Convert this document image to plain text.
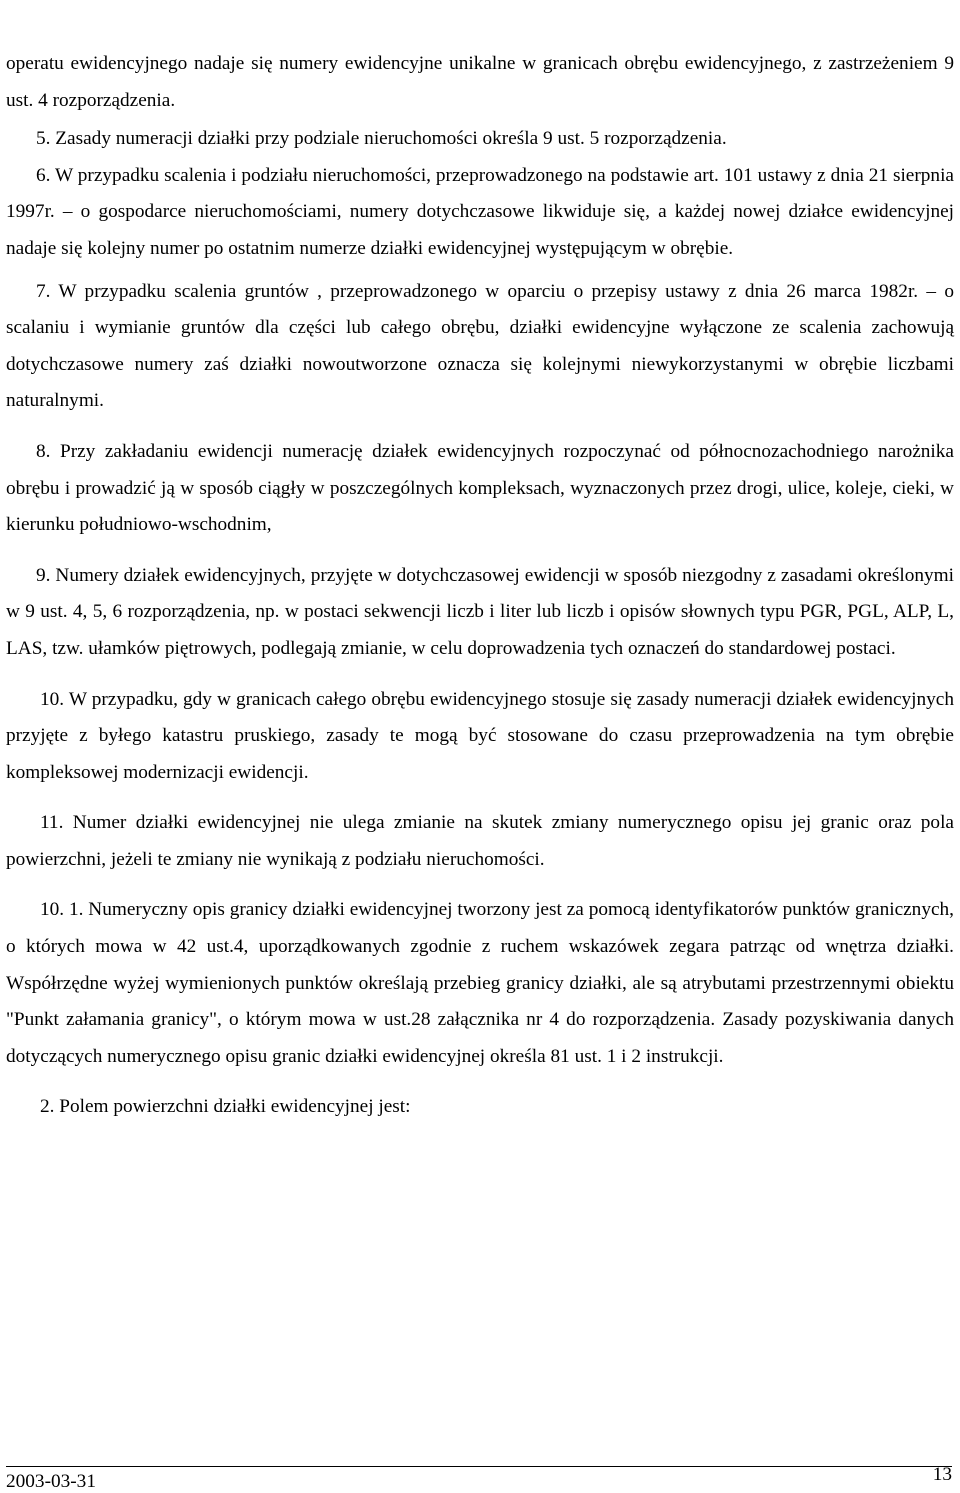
operatu ewidencyjnego nadaje się numery ewidencyjne unikalne w granicach obrębu ewidencyjnego, z zastrzeżeniem 9 ust. 4 rozporządzenia.

5. Zasady numeracji działki przy podziale nieruchomości określa 9 ust. 5 rozporządzenia.

6. W przypadku scalenia i podziału nieruchomości, przeprowadzonego na podstawie art. 101 ustawy z dnia 21 sierpnia 1997r. – o gospodarce nieruchomościami, numery dotychczasowe likwiduje się, a każdej nowej działce ewidencyjnej nadaje się kolejny numer po ostatnim numerze działki ewidencyjnej występującym w obrębie.

7. W przypadku scalenia gruntów , przeprowadzonego w oparciu o przepisy ustawy z dnia 26 marca 1982r. – o scalaniu i wymianie gruntów dla części lub całego obrębu, działki ewidencyjne wyłączone ze scalenia zachowują dotychczasowe numery zaś działki nowoutworzone oznacza się kolejnymi niewykorzystanymi w obrębie liczbami naturalnymi.

8. Przy zakładaniu ewidencji numerację działek ewidencyjnych rozpoczynać od północnozachodniego narożnika obrębu i prowadzić ją w sposób ciągły w poszczególnych kompleksach, wyznaczonych przez drogi, ulice, koleje, cieki, w kierunku południowo-wschodnim,

9. Numery działek ewidencyjnych, przyjęte w dotychczasowej ewidencji w sposób niezgodny z zasadami określonymi w 9 ust. 4, 5, 6 rozporządzenia, np. w postaci sekwencji liczb i liter lub liczb i opisów słownych typu PGR, PGL, ALP, L, LAS, tzw. ułamków piętrowych, podlegają zmianie, w celu doprowadzenia tych oznaczeń do standardowej postaci.

10. W przypadku, gdy w granicach całego obrębu ewidencyjnego stosuje się zasady numeracji działek ewidencyjnych przyjęte z byłego katastru pruskiego, zasady te mogą być stosowane do czasu przeprowadzenia na tym obrębie kompleksowej modernizacji ewidencji.

11. Numer działki ewidencyjnej nie ulega zmianie na skutek zmiany numerycznego opisu jej granic oraz pola powierzchni, jeżeli te zmiany nie wynikają z podziału nieruchomości.

10. 1. Numeryczny opis granicy działki ewidencyjnej tworzony jest za pomocą identyfikatorów punktów granicznych, o których mowa w 42 ust.4, uporządkowanych zgodnie z ruchem wskazówek zegara patrząc od wnętrza działki. Współrzędne wyżej wymienionych punktów określają przebieg granicy działki, ale są atrybutami przestrzennymi obiektu "Punkt załamania granicy", o którym mowa w ust.28 załącznika nr 4 do rozporządzenia. Zasady pozyskiwania danych dotyczących numerycznego opisu granic działki ewidencyjnej określa 81 ust. 1 i 2 instrukcji.

2. Polem powierzchni działki ewidencyjnej jest:

2003-03-31	13
